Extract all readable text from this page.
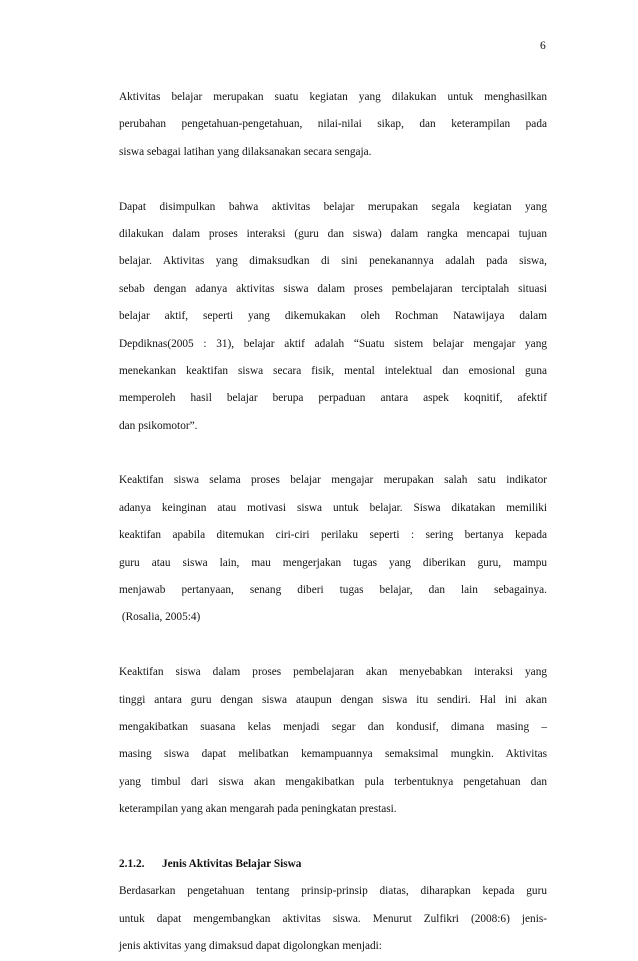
6
Aktivitas belajar merupakan suatu kegiatan yang dilakukan untuk menghasilkan
perubahan pengetahuan-pengetahuan, nilai-nilai sikap, dan keterampilan pada
siswa sebagai latihan yang dilaksanakan secara sengaja.
Dapat disimpulkan bahwa aktivitas belajar merupakan segala kegiatan yang
dilakukan dalam proses interaksi (guru dan siswa) dalam rangka mencapai tujuan
belajar. Aktivitas yang dimaksudkan di sini penekanannya adalah pada siswa,
sebab dengan adanya aktivitas siswa dalam proses pembelajaran terciptalah situasi
belajar aktif, seperti yang dikemukakan oleh Rochman Natawijaya dalam
Depdiknas(2005 : 31), belajar aktif adalah “Suatu sistem belajar mengajar yang
menekankan keaktifan siswa secara fisik, mental intelektual dan emosional guna
memperoleh hasil belajar berupa perpaduan antara aspek koqnitif, afektif
dan psikomotor”.
Keaktifan siswa selama proses belajar mengajar merupakan salah satu indikator
adanya keinginan atau motivasi siswa untuk belajar. Siswa dikatakan memiliki
keaktifan apabila ditemukan ciri-ciri perilaku seperti : sering bertanya kepada
guru atau siswa lain, mau mengerjakan tugas yang diberikan guru, mampu
menjawab pertanyaan, senang diberi tugas belajar, dan lain sebagainya.
(Rosalia, 2005:4)
Keaktifan siswa dalam proses pembelajaran akan menyebabkan interaksi yang
tinggi antara guru dengan siswa ataupun dengan siswa itu sendiri. Hal ini akan
mengakibatkan suasana kelas menjadi segar dan kondusif, dimana masing –
masing siswa dapat melibatkan kemampuannya semaksimal mungkin. Aktivitas
yang timbul dari siswa akan mengakibatkan pula terbentuknya pengetahuan dan
keterampilan yang akan mengarah pada peningkatan prestasi.
2.1.2. Jenis Aktivitas Belajar Siswa
Berdasarkan pengetahuan tentang prinsip-prinsip diatas, diharapkan kepada guru
untuk dapat mengembangkan aktivitas siswa. Menurut Zulfikri (2008:6) jenis-
jenis aktivitas yang dimaksud dapat digolongkan menjadi:
